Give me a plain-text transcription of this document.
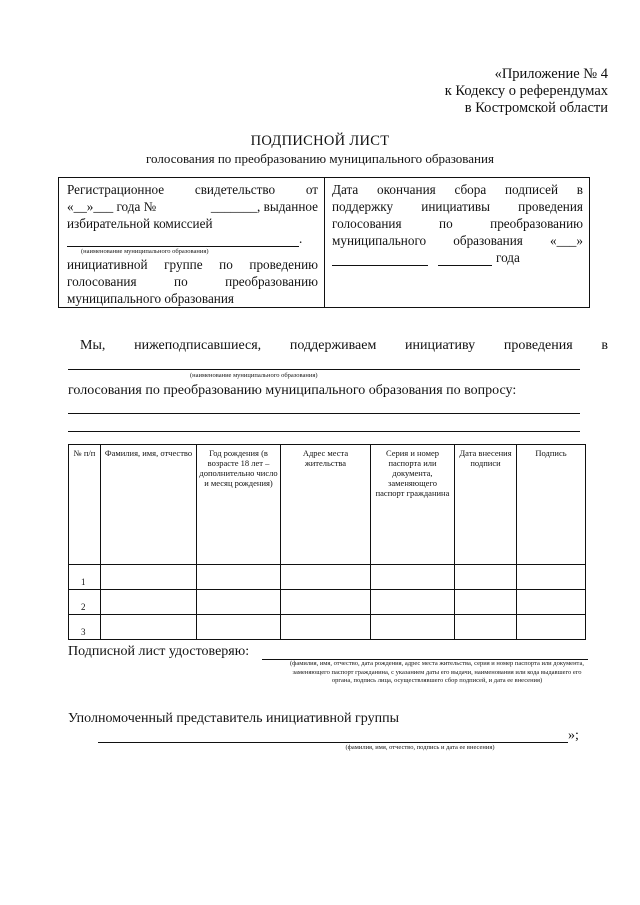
«Приложение № 4
к Кодексу о референдумах
в Костромской области
ПОДПИСНОЙ ЛИСТ
голосования по преобразованию муниципального образования
Регистрационное свидетельство от
«__»___ года №	_______, выданное
избирательной комиссией
.
(наименование муниципального образования)
инициативной группе по проведению
голосования по преобразованию
муниципального образования
Дата окончания сбора подписей в
поддержку инициативы проведения
голосования по преобразованию
муниципального образования «___»
года
Мы, нижеподписавшиеся, поддерживаем инициативу проведения в
(наименование муниципального образования)
голосования по преобразованию муниципального образования по вопросу:
№ п/п	Фамилия, имя, отчество	Год рождения (в возрасте 18 лет – дополнительно число и месяц рождения)	Адрес места жительства	Серия и номер паспорта или документа, заменяющего паспорт гражданина	Дата внесения подписи	Подпись
1						
2						
3						
Подписной лист удостоверяю:
(фамилия, имя, отчество, дата рождения, адрес места жительства, серия и номер паспорта или документа, заменяющего паспорт гражданина, с указанием даты его выдачи, наименования или кода выдавшего его органа, подпись лица, осуществлявшего сбор подписей, и дата ее внесения)
Уполномоченный представитель инициативной группы
»;
(фамилия, имя, отчество, подпись и дата ее внесения)
